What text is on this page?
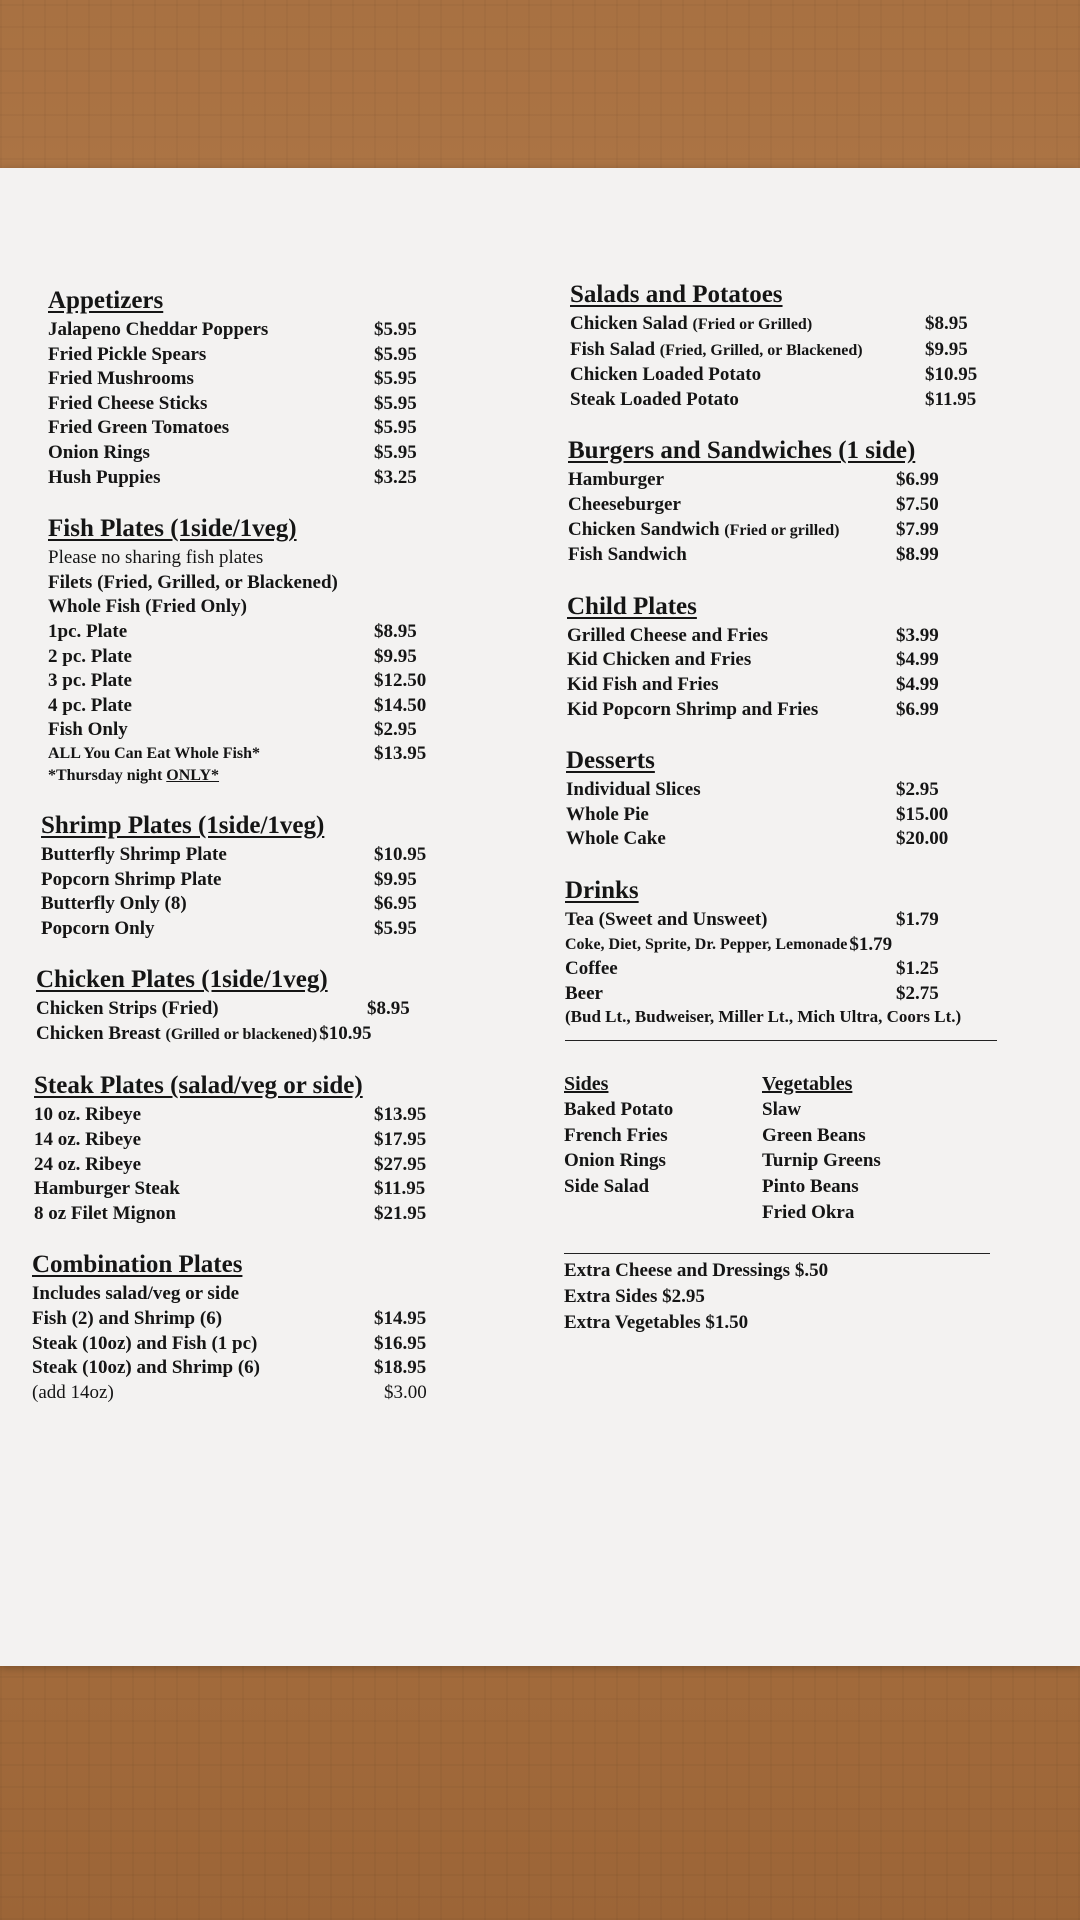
Appetizers
Jalapeno Cheddar Poppers	$5.95
Fried Pickle Spears	$5.95
Fried Mushrooms	$5.95
Fried Cheese Sticks	$5.95
Fried Green Tomatoes	$5.95
Onion Rings	$5.95
Hush Puppies	$3.25
Fish Plates (1side/1veg)
Please no sharing fish plates
Filets (Fried, Grilled, or Blackened)
Whole Fish (Fried Only)
1pc. Plate	$8.95
2 pc. Plate	$9.95
3 pc. Plate	$12.50
4 pc. Plate	$14.50
Fish Only	$2.95
ALL You Can Eat Whole Fish*	$13.95
*Thursday night ONLY*
Shrimp Plates (1side/1veg)
Butterfly Shrimp Plate	$10.95
Popcorn Shrimp Plate	$9.95
Butterfly Only (8)	$6.95
Popcorn Only	$5.95
Chicken Plates (1side/1veg)
Chicken Strips (Fried)	$8.95
Chicken Breast (Grilled or blackened) $10.95
Steak Plates (salad/veg or side)
10 oz. Ribeye	$13.95
14 oz. Ribeye	$17.95
24 oz. Ribeye	$27.95
Hamburger Steak	$11.95
8 oz Filet Mignon	$21.95
Combination Plates
Includes salad/veg or side
Fish (2) and Shrimp (6)	$14.95
Steak (10oz) and Fish (1 pc)	$16.95
Steak (10oz) and Shrimp (6)	$18.95
(add 14oz)	$3.00
Salads and Potatoes
Chicken Salad (Fried or Grilled)	$8.95
Fish Salad (Fried, Grilled, or Blackened)	$9.95
Chicken Loaded Potato	$10.95
Steak Loaded Potato	$11.95
Burgers and Sandwiches (1 side)
Hamburger	$6.99
Cheeseburger	$7.50
Chicken Sandwich (Fried or grilled)	$7.99
Fish Sandwich	$8.99
Child Plates
Grilled Cheese and Fries	$3.99
Kid Chicken and Fries	$4.99
Kid Fish and Fries	$4.99
Kid Popcorn Shrimp and Fries	$6.99
Desserts
Individual Slices	$2.95
Whole Pie	$15.00
Whole Cake	$20.00
Drinks
Tea (Sweet and Unsweet)	$1.79
Coke, Diet, Sprite, Dr. Pepper, Lemonade $1.79
Coffee	$1.25
Beer	$2.75
(Bud Lt., Budweiser, Miller Lt., Mich Ultra, Coors Lt.)
Sides
Baked Potato
French Fries
Onion Rings
Side Salad
Vegetables
Slaw
Green Beans
Turnip Greens
Pinto Beans
Fried Okra
Extra Cheese and Dressings $.50
Extra Sides $2.95
Extra Vegetables $1.50
